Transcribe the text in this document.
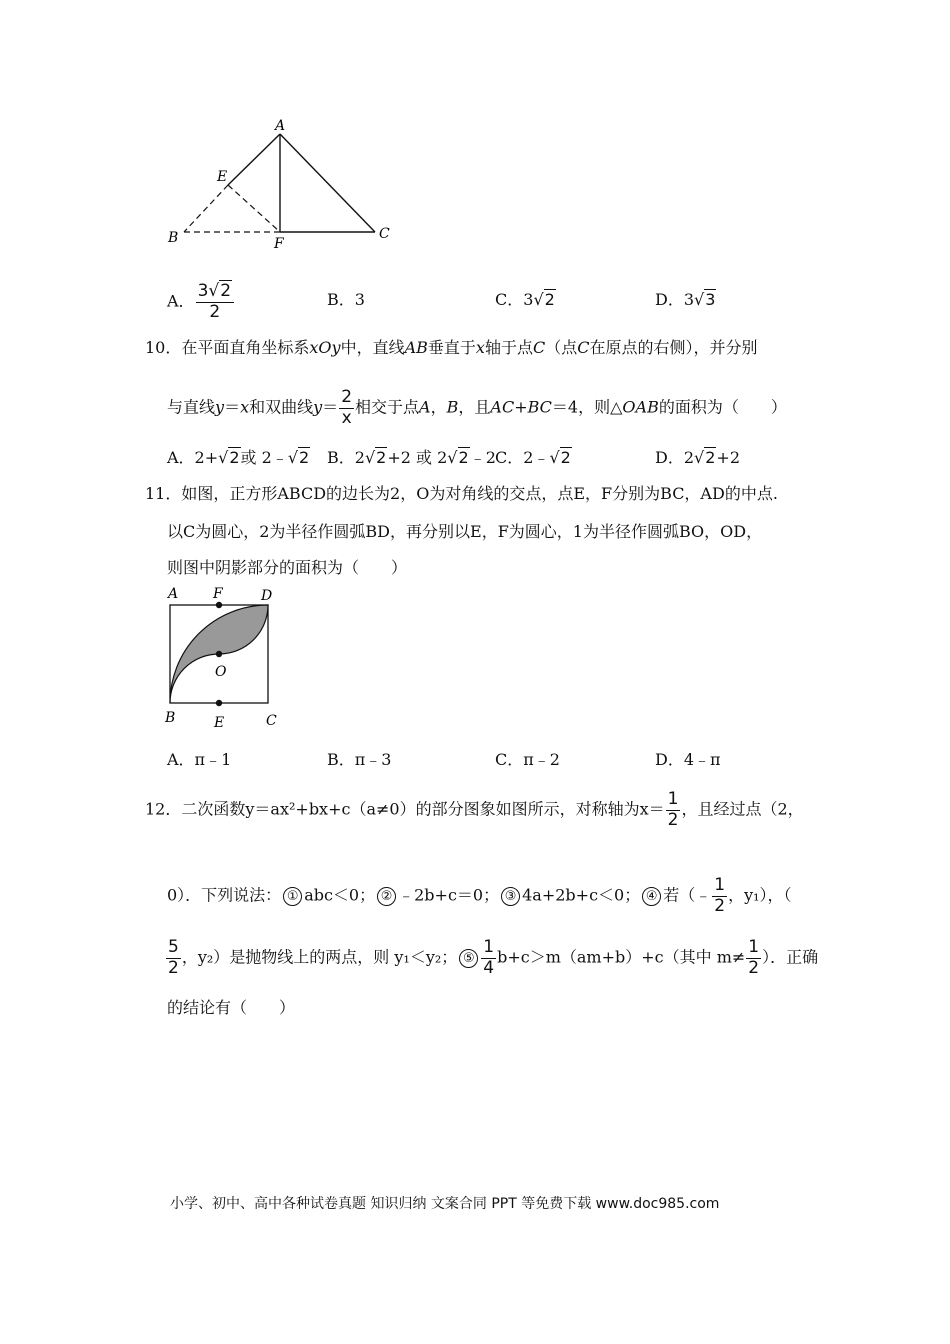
A
E
B	F
C
A． $\frac{3√2}{2}$	B．3	C．3√2	D．3√3
10．在平面直角坐标系xOy中，直线AB垂直于x轴于点C（点C在原点的右侧），并分别
与直线y＝x和双曲线$y= \frac{2}{x}$ 相交于点A，B，且AC+BC＝4，则△OAB的面积为（　　）
A．2+√2或 2﹣√2 B．2√2+2 或 2√2﹣2 C．2﹣√2	D．2√2+2
11．如图，正方形ABCD的边长为2，O为对角线的交点，点E，F分别为BC，AD的中点.
以C为圆心，2为半径作圆弧BD，再分别以E，F为圆心，1为半径作圆弧BO，OD，
则图中阴影部分的面积为（　　）
A F	D
O
B	E	C
A．π﹣1	B．π﹣3	C．π﹣2	D．4﹣π
12．二次函数y＝ax²+bx+c（a≠0）的部分图象如图所示，对称轴为$x= \frac{1}{2}$ ，且经过点（2，
0）．下列说法： ① abc＜0； ② ﹣2b+c＝0； ③ 4a+2b+c＜0； ④ 若（﹣ $\frac{1}{2}$ ，y₁），（
$\frac{5}{2}$ ，y₂）是抛物线上的两点，则 y₁＜y₂； ⑤ $\frac{1}{4} b+c>m(am+b)+c$（其中 $m\ne \frac{1}{2}$ ）．正确
的结论有（　　）
小学、初中、高中各种试卷真题 知识归纳 文案合同 PPT 等免费下载 www.doc985.com
